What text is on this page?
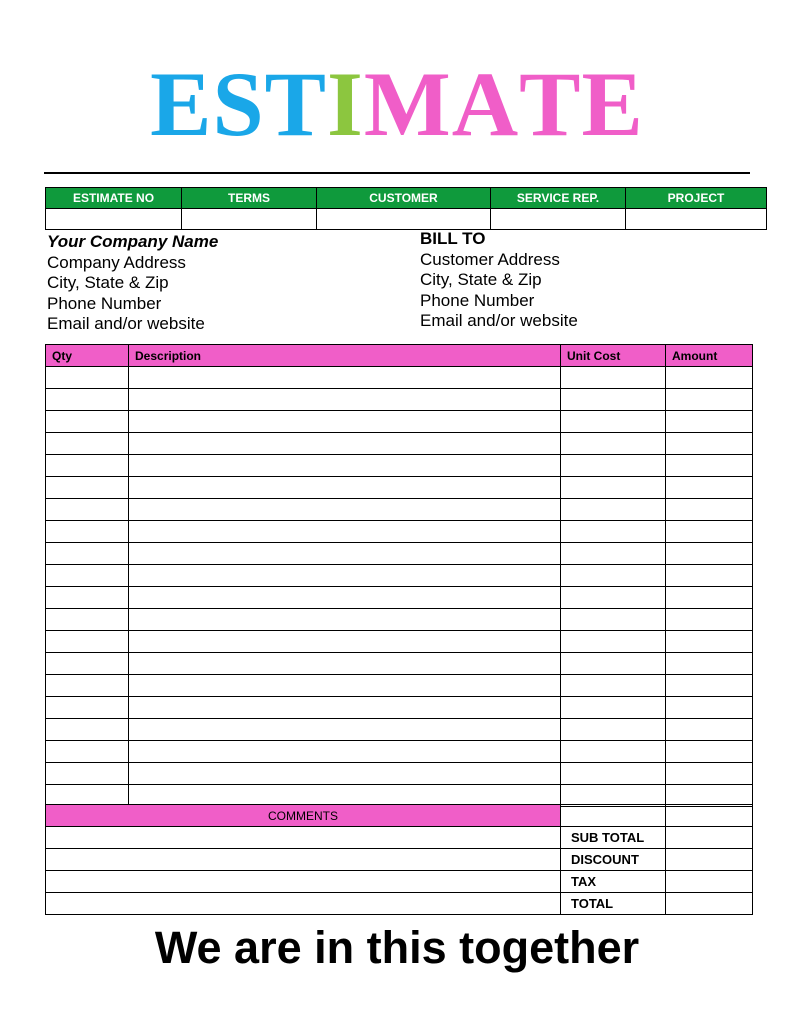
ESTIMATE
ESTIMATE NO	TERMS	CUSTOMER	SERVICE REP.	PROJECT

Your Company Name
Company Address
City, State & Zip
Phone Number
Email and/or website
BILL TO
Customer Address
City, State & Zip
Phone Number
Email and/or website
Qty	Description	Unit Cost	Amount

COMMENTS		
	SUB TOTAL	
	DISCOUNT	
	TAX	
	TOTAL	
We are in this together
